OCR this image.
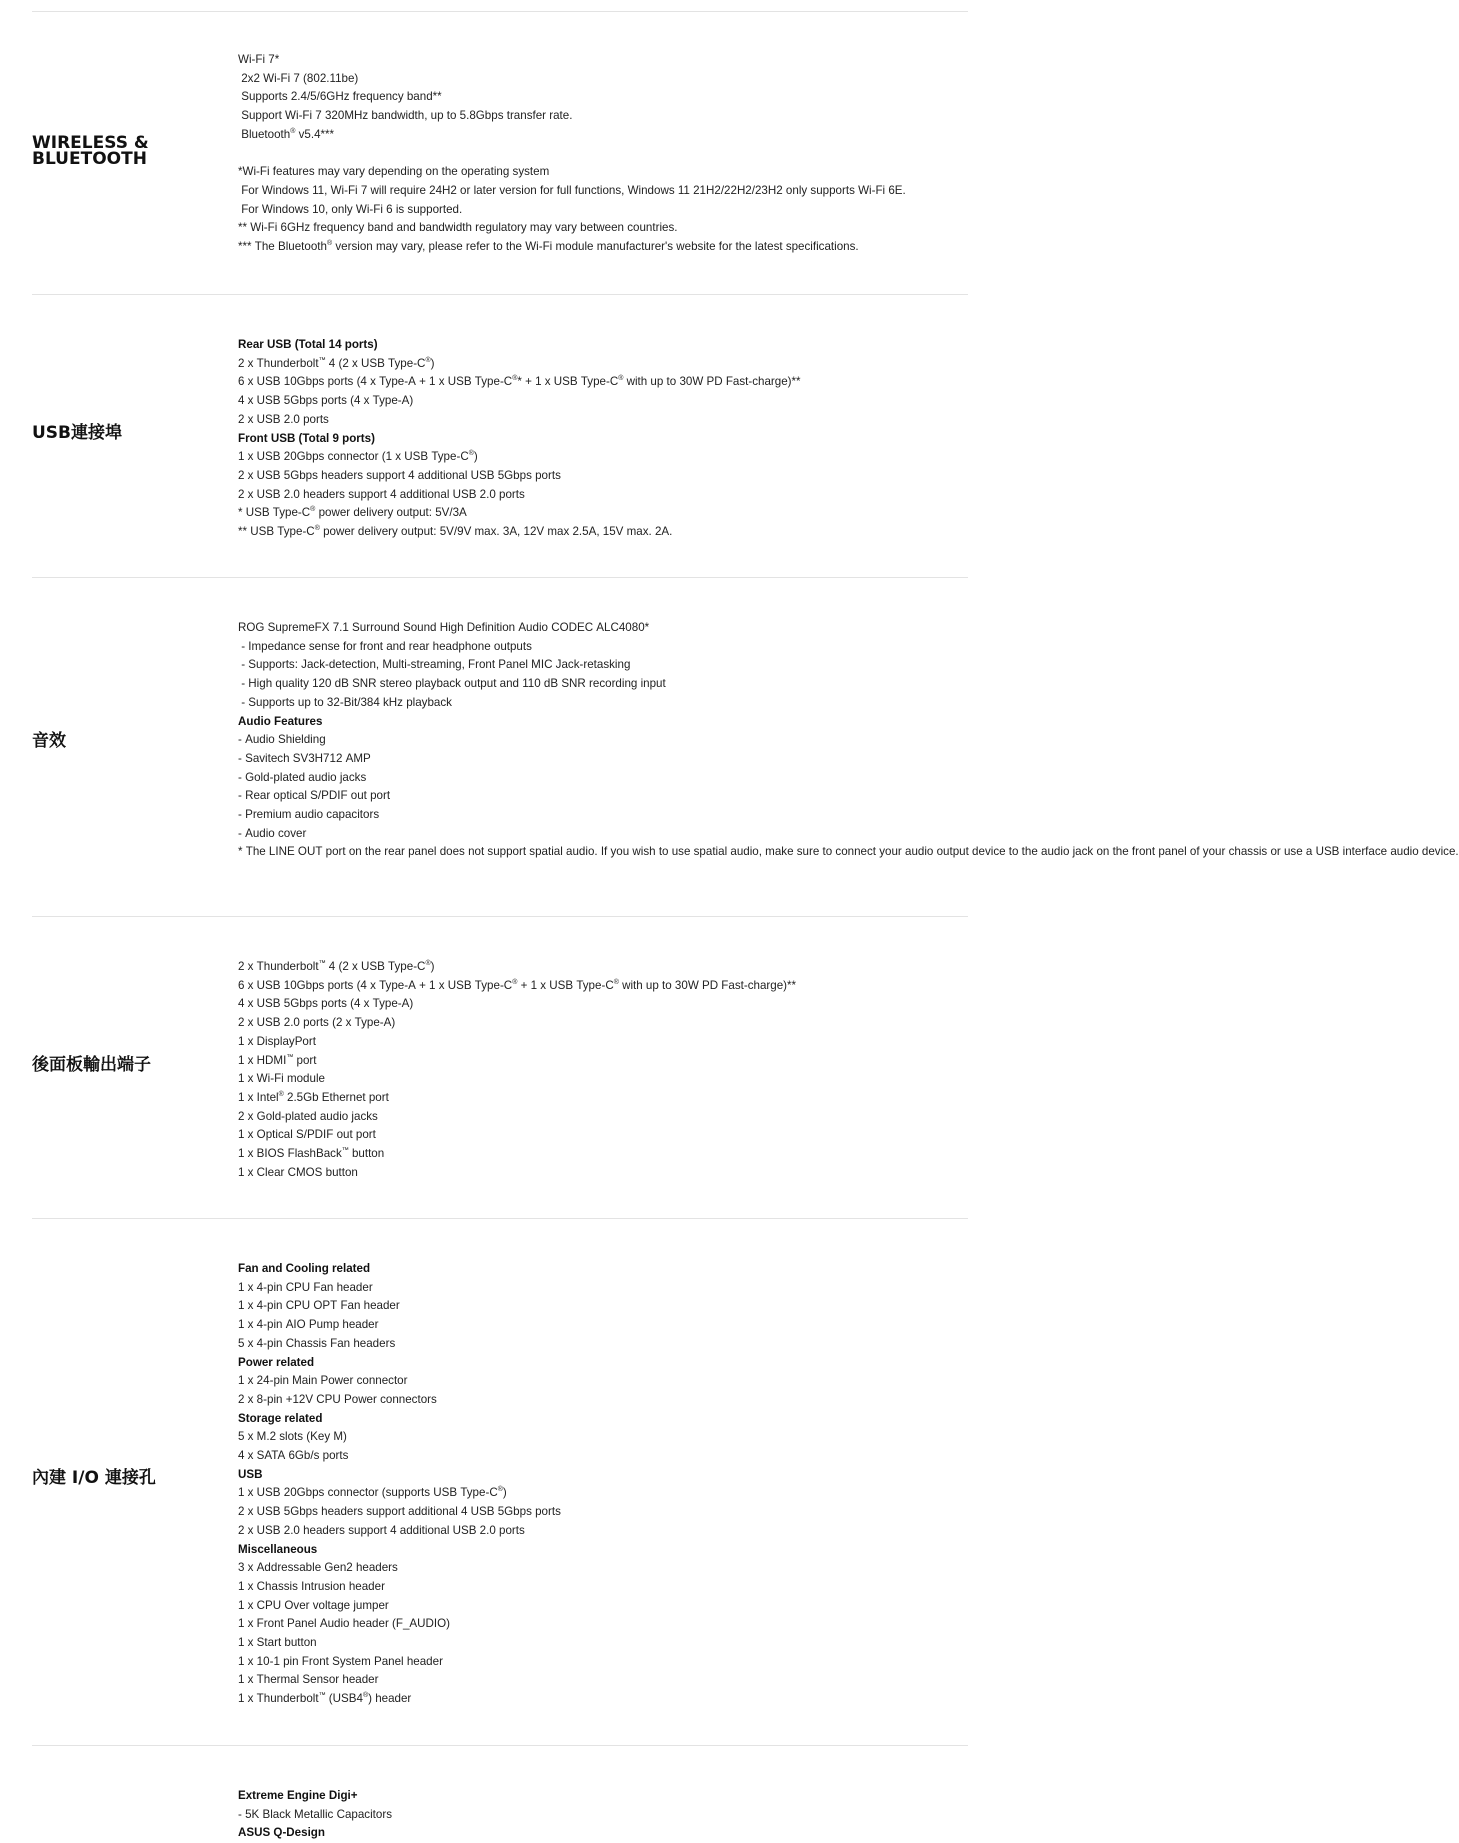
WIRELESS & BLUETOOTH
Wi-Fi 7*
2x2 Wi-Fi 7 (802.11be)
Supports 2.4/5/6GHz frequency band**
Support Wi-Fi 7 320MHz bandwidth, up to 5.8Gbps transfer rate.
Bluetooth® v5.4***
*Wi-Fi features may vary depending on the operating system
For Windows 11, Wi-Fi 7 will require 24H2 or later version for full functions, Windows 11 21H2/22H2/23H2 only supports Wi-Fi 6E.
For Windows 10, only Wi-Fi 6 is supported.
** Wi-Fi 6GHz frequency band and bandwidth regulatory may vary between countries.
*** The Bluetooth® version may vary, please refer to the Wi-Fi module manufacturer's website for the latest specifications.
USB連接埠
Rear USB (Total 14 ports)
2 x Thunderbolt™ 4 (2 x USB Type-C®)
6 x USB 10Gbps ports (4 x Type-A + 1 x USB Type-C®* + 1 x USB Type-C® with up to 30W PD Fast-charge)**
4 x USB 5Gbps ports (4 x Type-A)
2 x USB 2.0 ports
Front USB (Total 9 ports)
1 x USB 20Gbps connector (1 x USB Type-C®)
2 x USB 5Gbps headers support 4 additional USB 5Gbps ports
2 x USB 2.0 headers support 4 additional USB 2.0 ports
* USB Type-C® power delivery output: 5V/3A
** USB Type-C® power delivery output: 5V/9V max. 3A, 12V max 2.5A, 15V max. 2A.
音效
ROG SupremeFX 7.1 Surround Sound High Definition Audio CODEC ALC4080*
- Impedance sense for front and rear headphone outputs
- Supports: Jack-detection, Multi-streaming, Front Panel MIC Jack-retasking
- High quality 120 dB SNR stereo playback output and 110 dB SNR recording input
- Supports up to 32-Bit/384 kHz playback
Audio Features
- Audio Shielding
- Savitech SV3H712 AMP
- Gold-plated audio jacks
- Rear optical S/PDIF out port
- Premium audio capacitors
- Audio cover
* The LINE OUT port on the rear panel does not support spatial audio. If you wish to use spatial audio, make sure to connect your audio output device to the audio jack on the front panel of your chassis or use a USB interface audio device.
後面板輸出端子
2 x Thunderbolt™ 4 (2 x USB Type-C®)
6 x USB 10Gbps ports (4 x Type-A + 1 x USB Type-C® + 1 x USB Type-C® with up to 30W PD Fast-charge)**
4 x USB 5Gbps ports (4 x Type-A)
2 x USB 2.0 ports (2 x Type-A)
1 x DisplayPort
1 x HDMI™ port
1 x Wi-Fi module
1 x Intel® 2.5Gb Ethernet port
2 x Gold-plated audio jacks
1 x Optical S/PDIF out port
1 x BIOS FlashBack™ button
1 x Clear CMOS button
內建 I/O 連接孔
Fan and Cooling related
1 x 4-pin CPU Fan header
1 x 4-pin CPU OPT Fan header
1 x 4-pin AIO Pump header
5 x 4-pin Chassis Fan headers
Power related
1 x 24-pin Main Power connector
2 x 8-pin +12V CPU Power connectors
Storage related
5 x M.2 slots (Key M)
4 x SATA 6Gb/s ports
USB
1 x USB 20Gbps connector (supports USB Type-C®)
2 x USB 5Gbps headers support additional 4 USB 5Gbps ports
2 x USB 2.0 headers support 4 additional USB 2.0 ports
Miscellaneous
3 x Addressable Gen2 headers
1 x Chassis Intrusion header
1 x CPU Over voltage jumper
1 x Front Panel Audio header (F_AUDIO)
1 x Start button
1 x 10-1 pin Front System Panel header
1 x Thermal Sensor header
1 x Thunderbolt™ (USB4®) header
Extreme Engine Digi+
- 5K Black Metallic Capacitors
ASUS Q-Design
